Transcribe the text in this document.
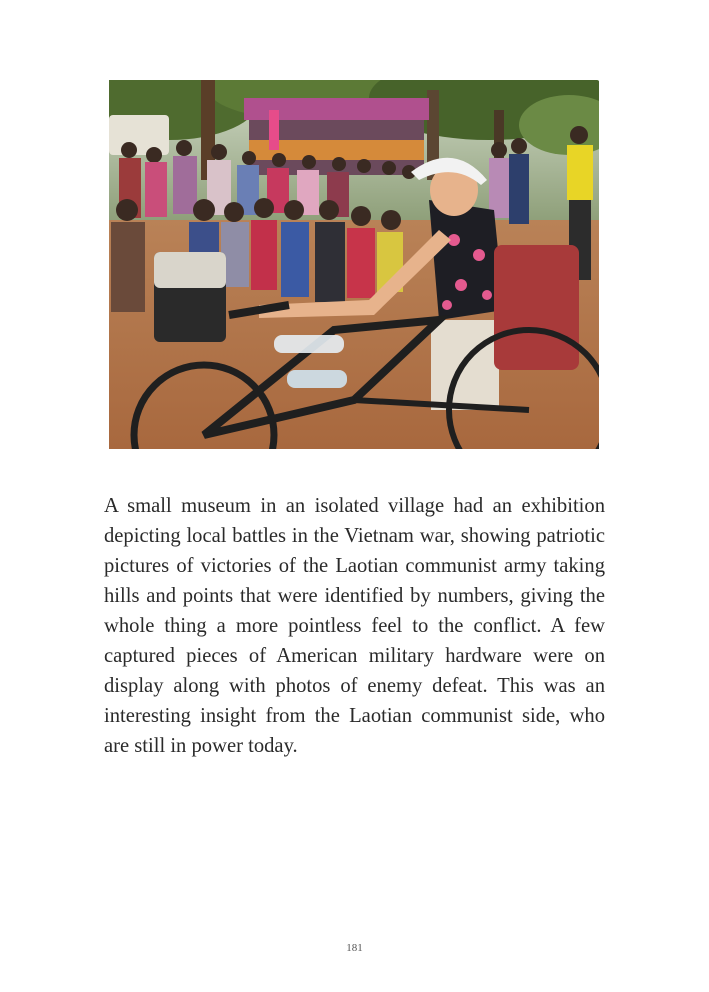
A small museum in an isolated village had an exhibition depicting local battles in the Vietnam war, showing patriotic pictures of victories of the Laotian communist army taking hills and points that were identified by numbers, giving the whole thing a more pointless feel to the conflict. A few captured pieces of American military hardware were on display along with photos of enemy defeat. This was an interesting insight from the Laotian communist side, who are still in power today.

181
